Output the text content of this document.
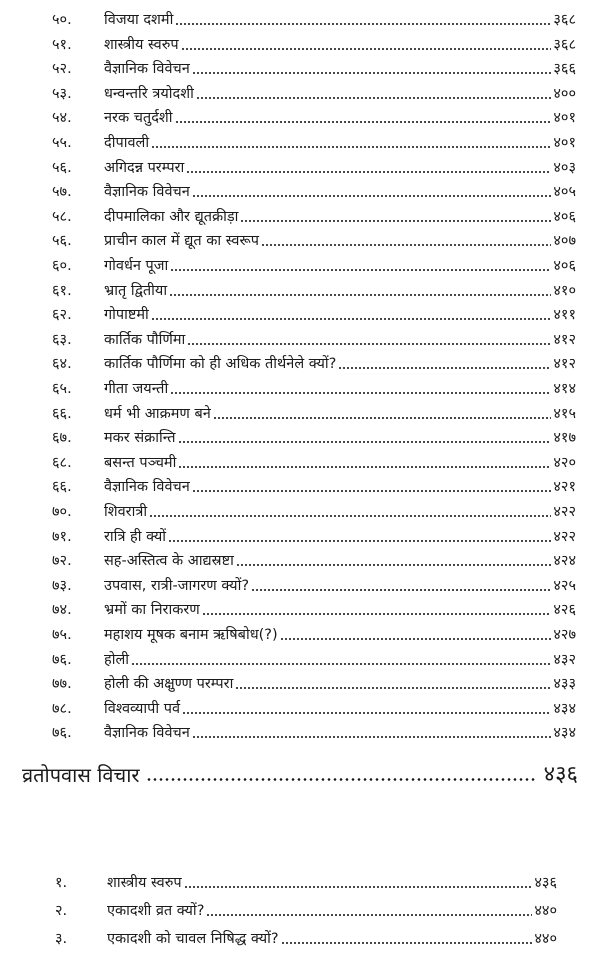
५०.	विजया दशमी	३६८
५१.	शास्त्रीय स्वरुप	३६८
५२.	वैज्ञानिक विवेचन	३६६
५३.	धन्वन्तरि त्रयोदशी	४००
५४.	नरक चतुर्दशी	४०१
५५.	दीपावली	४०१
५६.	अगिदन्न परम्परा	४०३
५७.	वैज्ञानिक विवेचन	४०५
५८.	दीपमालिका और द्यूतक्रीड़ा	४०६
५६.	प्राचीन काल में द्यूत का स्वरूप	४०७
६०.	गोवर्धन पूजा	४०६
६१.	भ्रातृ द्वितीया	४१०
६२.	गोपाष्टमी	४११
६३.	कार्तिक पौर्णिमा	४१२
६४.	कार्तिक पौर्णिमा को ही अधिक तीर्थनेले क्यों?	४१२
६५.	गीता जयन्ती	४१४
६६.	धर्म भी आक्रमण बने	४१५
६७.	मकर संक्रान्ति	४१७
६८.	बसन्त पञ्चमी	४२०
६६.	वैज्ञानिक विवेचन	४२१
७०.	शिवरात्री	४२२
७१.	रात्रि ही क्यों	४२२
७२.	सह-अस्तित्व के आद्यस्रष्टा	४२४
७३.	उपवास, रात्री-जागरण क्यों?	४२५
७४.	भ्रमों का निराकरण	४२६
७५.	महाशय मूषक बनाम ऋषिबोध(?)	४२७
७६.	होली	४३२
७७.	होली की अक्षुण्ण परम्परा	४३३
७८.	विश्वव्यापी पर्व	४३४
७६.	वैज्ञानिक विवेचन	४३४
व्रतोपवास विचार	४३६
१.	शास्त्रीय स्वरुप	४३६
२.	एकादशी व्रत क्यों?	४४०
३.	एकादशी को चावल निषिद्ध क्यों?	४४०
